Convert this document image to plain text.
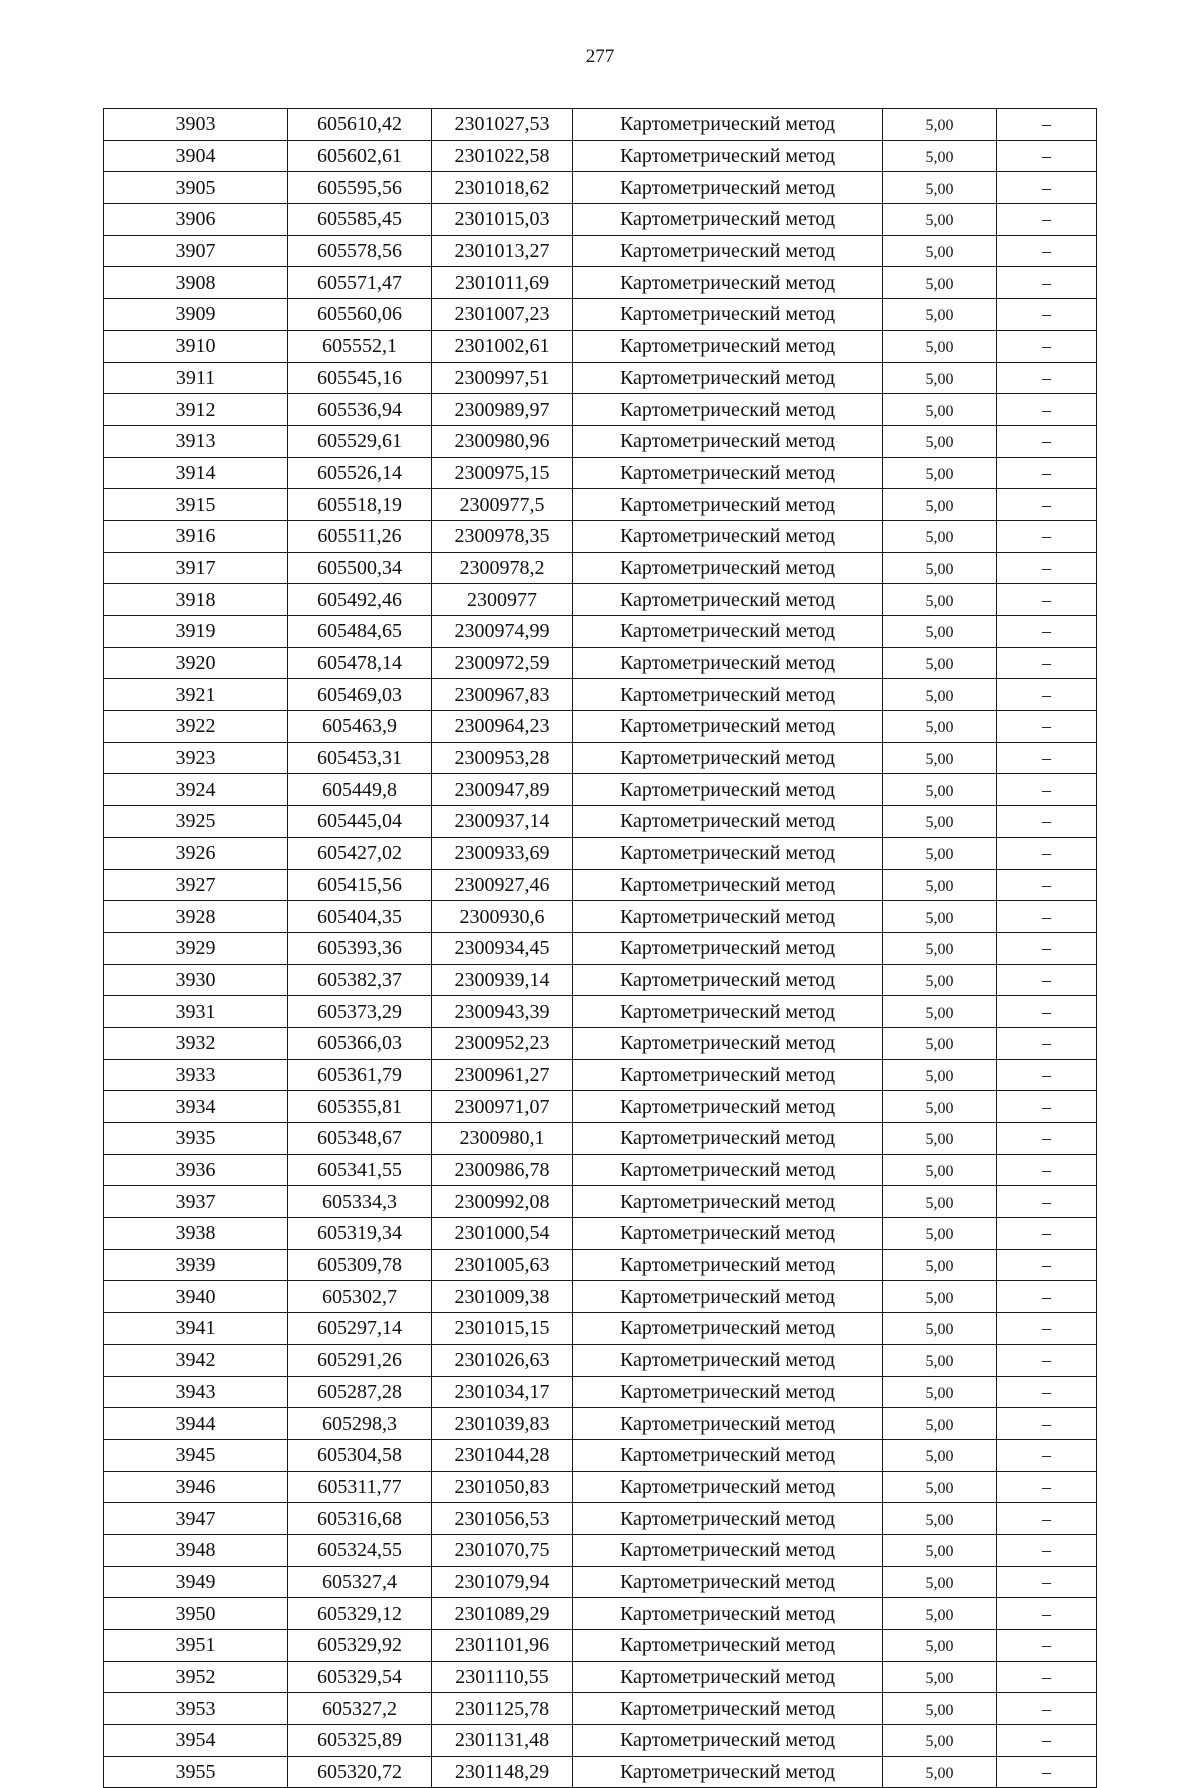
277
3903	605610,42	2301027,53	Картометрический метод	5,00	–
3904	605602,61	2301022,58	Картометрический метод	5,00	–
3905	605595,56	2301018,62	Картометрический метод	5,00	–
3906	605585,45	2301015,03	Картометрический метод	5,00	–
3907	605578,56	2301013,27	Картометрический метод	5,00	–
3908	605571,47	2301011,69	Картометрический метод	5,00	–
3909	605560,06	2301007,23	Картометрический метод	5,00	–
3910	605552,1	2301002,61	Картометрический метод	5,00	–
3911	605545,16	2300997,51	Картометрический метод	5,00	–
3912	605536,94	2300989,97	Картометрический метод	5,00	–
3913	605529,61	2300980,96	Картометрический метод	5,00	–
3914	605526,14	2300975,15	Картометрический метод	5,00	–
3915	605518,19	2300977,5	Картометрический метод	5,00	–
3916	605511,26	2300978,35	Картометрический метод	5,00	–
3917	605500,34	2300978,2	Картометрический метод	5,00	–
3918	605492,46	2300977	Картометрический метод	5,00	–
3919	605484,65	2300974,99	Картометрический метод	5,00	–
3920	605478,14	2300972,59	Картометрический метод	5,00	–
3921	605469,03	2300967,83	Картометрический метод	5,00	–
3922	605463,9	2300964,23	Картометрический метод	5,00	–
3923	605453,31	2300953,28	Картометрический метод	5,00	–
3924	605449,8	2300947,89	Картометрический метод	5,00	–
3925	605445,04	2300937,14	Картометрический метод	5,00	–
3926	605427,02	2300933,69	Картометрический метод	5,00	–
3927	605415,56	2300927,46	Картометрический метод	5,00	–
3928	605404,35	2300930,6	Картометрический метод	5,00	–
3929	605393,36	2300934,45	Картометрический метод	5,00	–
3930	605382,37	2300939,14	Картометрический метод	5,00	–
3931	605373,29	2300943,39	Картометрический метод	5,00	–
3932	605366,03	2300952,23	Картометрический метод	5,00	–
3933	605361,79	2300961,27	Картометрический метод	5,00	–
3934	605355,81	2300971,07	Картометрический метод	5,00	–
3935	605348,67	2300980,1	Картометрический метод	5,00	–
3936	605341,55	2300986,78	Картометрический метод	5,00	–
3937	605334,3	2300992,08	Картометрический метод	5,00	–
3938	605319,34	2301000,54	Картометрический метод	5,00	–
3939	605309,78	2301005,63	Картометрический метод	5,00	–
3940	605302,7	2301009,38	Картометрический метод	5,00	–
3941	605297,14	2301015,15	Картометрический метод	5,00	–
3942	605291,26	2301026,63	Картометрический метод	5,00	–
3943	605287,28	2301034,17	Картометрический метод	5,00	–
3944	605298,3	2301039,83	Картометрический метод	5,00	–
3945	605304,58	2301044,28	Картометрический метод	5,00	–
3946	605311,77	2301050,83	Картометрический метод	5,00	–
3947	605316,68	2301056,53	Картометрический метод	5,00	–
3948	605324,55	2301070,75	Картометрический метод	5,00	–
3949	605327,4	2301079,94	Картометрический метод	5,00	–
3950	605329,12	2301089,29	Картометрический метод	5,00	–
3951	605329,92	2301101,96	Картометрический метод	5,00	–
3952	605329,54	2301110,55	Картометрический метод	5,00	–
3953	605327,2	2301125,78	Картометрический метод	5,00	–
3954	605325,89	2301131,48	Картометрический метод	5,00	–
3955	605320,72	2301148,29	Картометрический метод	5,00	–
